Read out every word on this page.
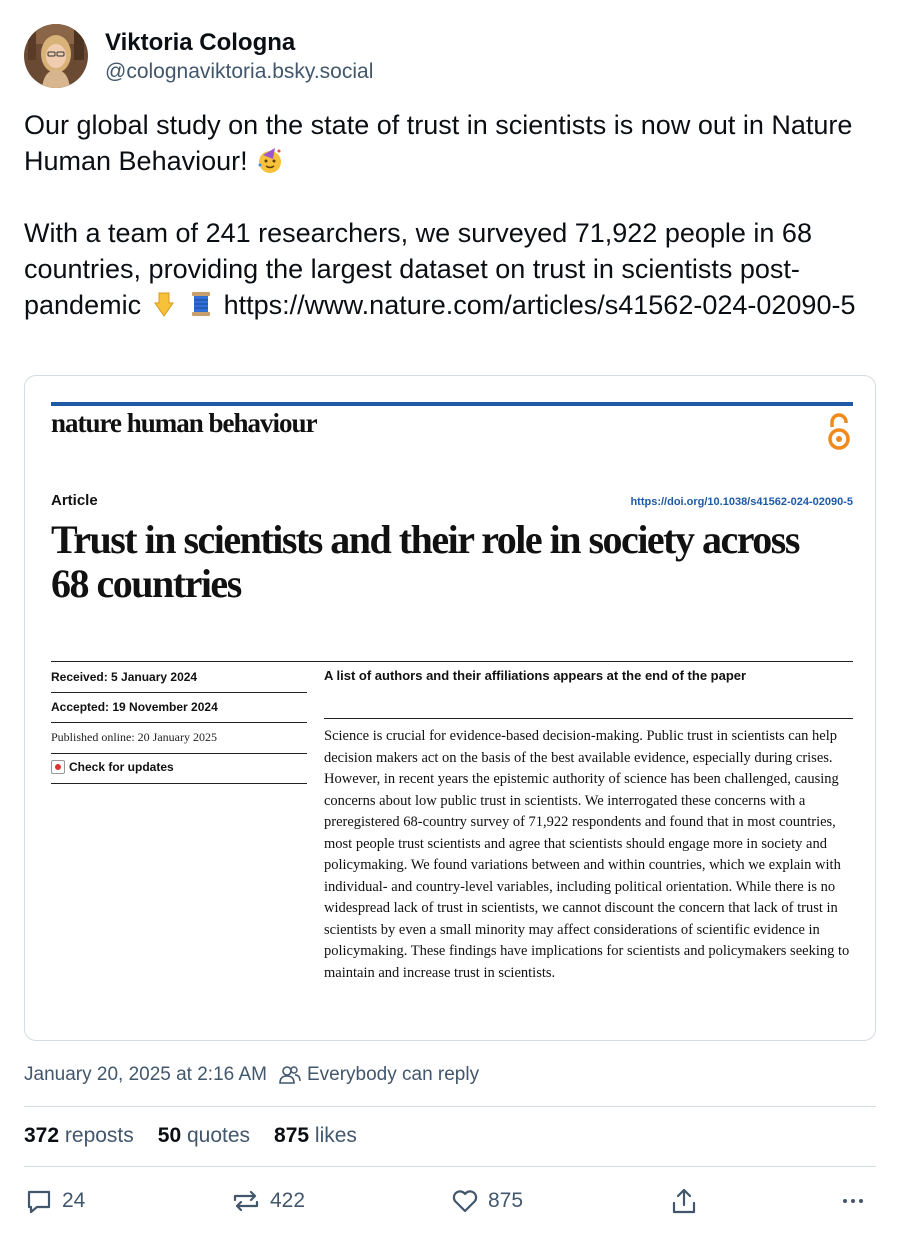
Viktoria Cologna
@colognaviktoria.bsky.social

Our global study on the state of trust in scientists is now out in Nature Human Behaviour!

With a team of 241 researchers, we surveyed 71,922 people in 68 countries, providing the largest dataset on trust in scientists post-pandemic	https://www.nature.com/articles/s41562-024-02090-5

nature human behaviour
Article	https://doi.org/10.1038/s41562-024-02090-5
Trust in scientists and their role in society across 68 countries
Received: 5 January 2024
Accepted: 19 November 2024
Published online: 20 January 2025
Check for updates
A list of authors and their affiliations appears at the end of the paper
Science is crucial for evidence-based decision-making. Public trust in scientists can help decision makers act on the basis of the best available evidence, especially during crises. However, in recent years the epistemic authority of science has been challenged, causing concerns about low public trust in scientists. We interrogated these concerns with a preregistered 68-country survey of 71,922 respondents and found that in most countries, most people trust scientists and agree that scientists should engage more in society and policymaking. We found variations between and within countries, which we explain with individual- and country-level variables, including political orientation. While there is no widespread lack of trust in scientists, we cannot discount the concern that lack of trust in scientists by even a small minority may affect considerations of scientific evidence in policymaking. These findings have implications for scientists and policymakers seeking to maintain and increase trust in scientists.
January 20, 2025 at 2:16 AM Everybody can reply
372 reposts 50 quotes 875 likes
24	422	875
